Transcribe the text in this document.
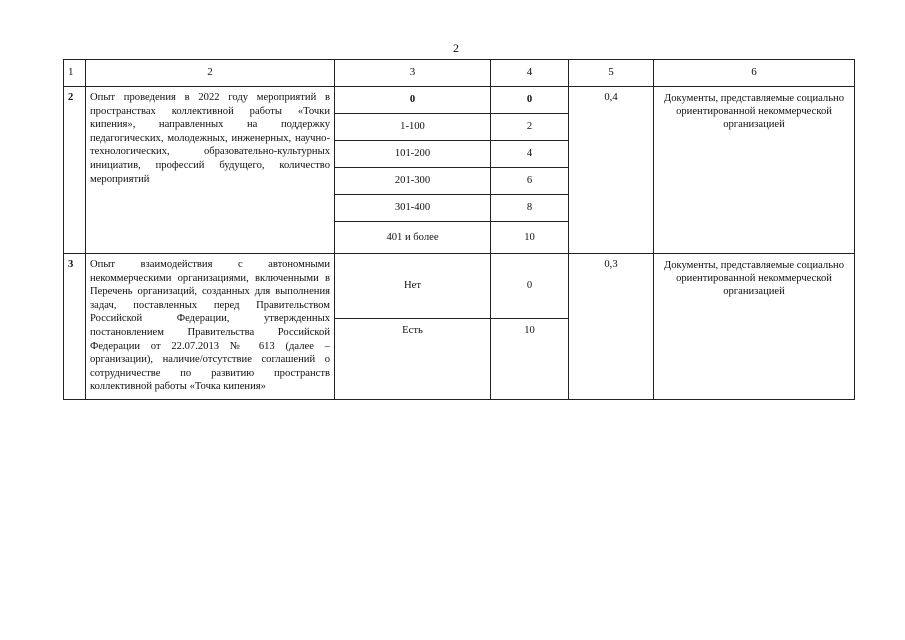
2
1	2	3	4	5	6
2	Опыт проведения в 2022 году мероприятий в пространствах коллективной работы «Точки кипения», направленных на поддержку педагогических, молодежных, инженерных, научно-технологических, образовательно-культурных инициатив, профессий будущего, количество мероприятий	0	0	0,4	Документы, представляемые социально ориентированной некоммерческой организацией
		1-100	2		
		101-200	4		
		201-300	6		
		301-400	8		
		401 и более	10		
3	Опыт взаимодействия с автономными некоммерческими организациями, включенными в Перечень организаций, созданных для выполнения задач, поставленных перед Правительством Российской Федерации, утвержденных постановлением Правительства Российской Федерации от 22.07.2013 № 613 (далее – организации), наличие/отсутствие соглашений о сотрудничестве по развитию пространств коллективной работы «Точка кипения»	Нет	0	0,3	Документы, представляемые социально ориентированной некоммерческой организацией
		Есть	10		
